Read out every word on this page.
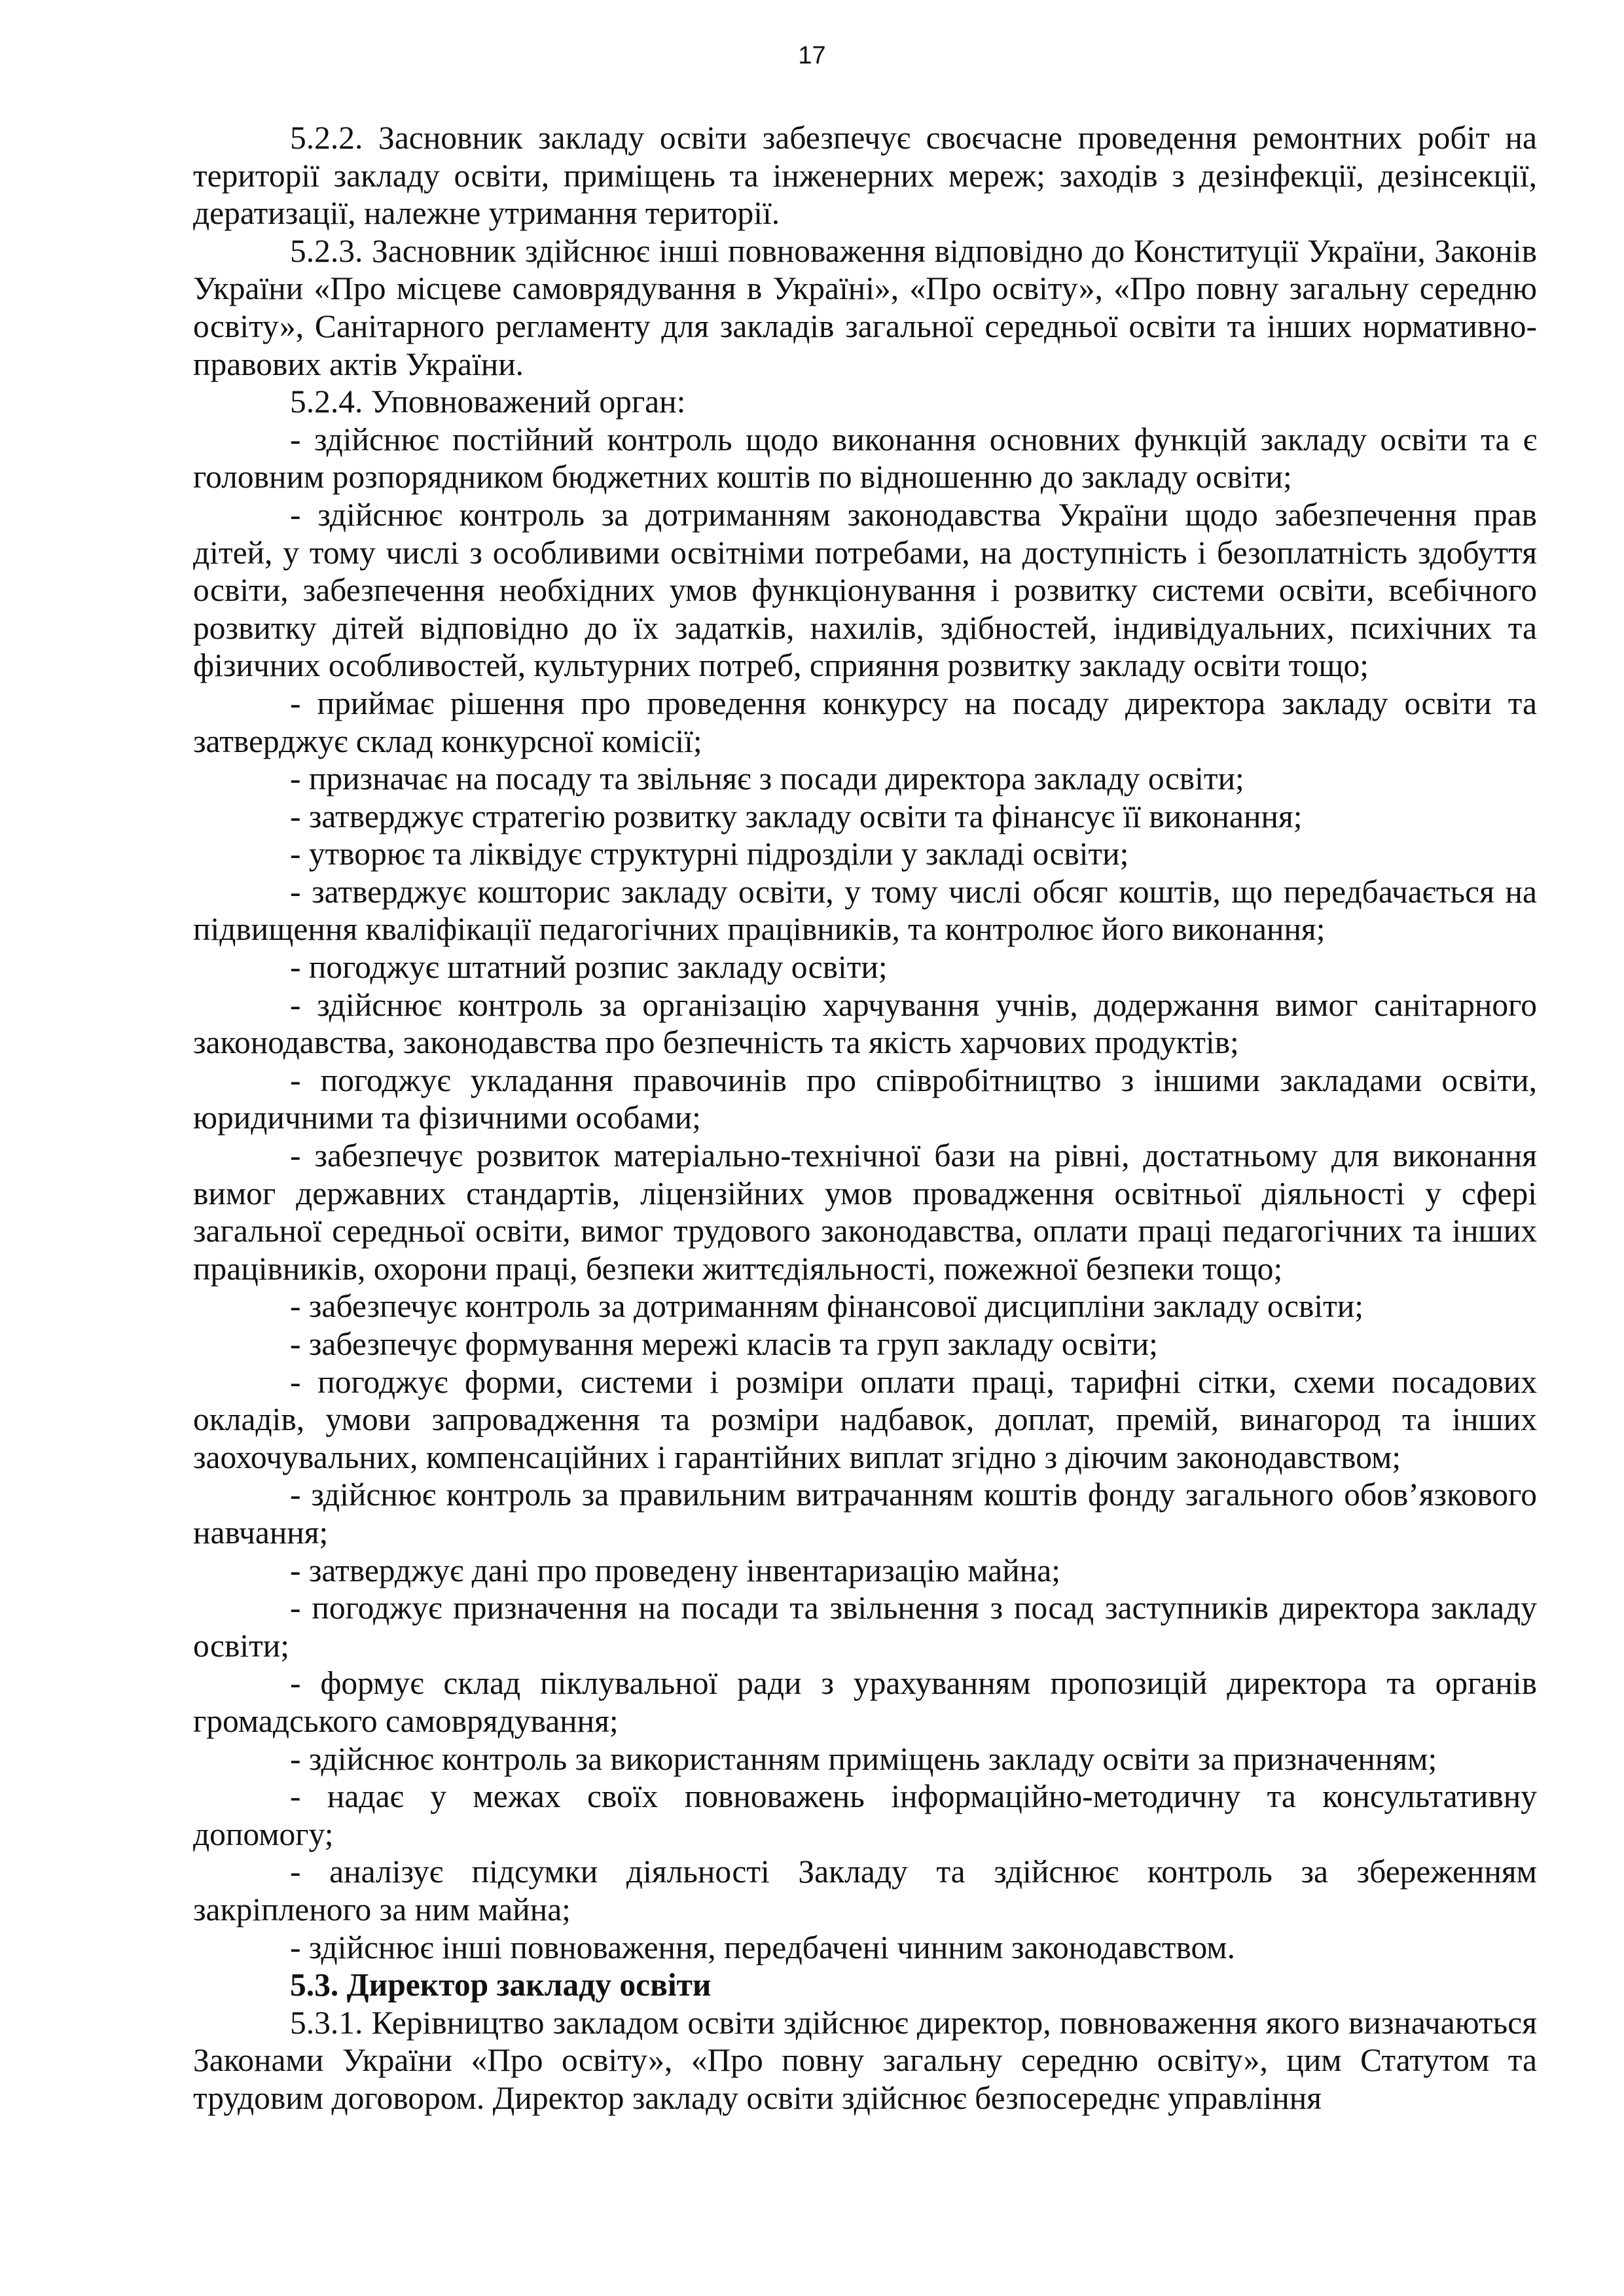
17

5.2.2. Засновник закладу освіти забезпечує своєчасне проведення ремонтних робіт на території закладу освіти, приміщень та інженерних мереж; заходів з дезінфекції, дезінсекції, дератизації, належне утримання території.

5.2.3. Засновник здійснює інші повноваження відповідно до Конституції України, Законів України «Про місцеве самоврядування в Україні», «Про освіту», «Про повну загальну середню освіту», Санітарного регламенту для закладів загальної середньої освіти та інших нормативно-правових актів України.

5.2.4. Уповноважений орган:

- здійснює постійний контроль щодо виконання основних функцій закладу освіти та є головним розпорядником бюджетних коштів по відношенню до закладу освіти;

- здійснює контроль за дотриманням законодавства України щодо забезпечення прав дітей, у тому числі з особливими освітніми потребами, на доступність і безоплатність здобуття освіти, забезпечення необхідних умов функціонування і розвитку системи освіти, всебічного розвитку дітей відповідно до їх задатків, нахилів, здібностей, індивідуальних, психічних та фізичних особливостей, культурних потреб, сприяння розвитку закладу освіти тощо;

- приймає рішення про проведення конкурсу на посаду директора закладу освіти та затверджує склад конкурсної комісії;

- призначає на посаду та звільняє з посади директора закладу освіти;

- затверджує стратегію розвитку закладу освіти та фінансує її виконання;

- утворює та ліквідує структурні підрозділи у закладі освіти;

- затверджує кошторис закладу освіти, у тому числі обсяг коштів, що передбачається на підвищення кваліфікації педагогічних працівників, та контролює його виконання;

- погоджує штатний розпис закладу освіти;

- здійснює контроль за організацію харчування учнів, додержання вимог санітарного законодавства, законодавства про безпечність та якість харчових продуктів;

- погоджує укладання правочинів про співробітництво з іншими закладами освіти, юридичними та фізичними особами;

- забезпечує розвиток матеріально-технічної бази на рівні, достатньому для виконання вимог державних стандартів, ліцензійних умов провадження освітньої діяльності у сфері загальної середньої освіти, вимог трудового законодавства, оплати праці педагогічних та інших працівників, охорони праці, безпеки життєдіяльності, пожежної безпеки тощо;

- забезпечує контроль за дотриманням фінансової дисципліни закладу освіти;

- забезпечує формування мережі класів та груп закладу освіти;

- погоджує форми, системи і розміри оплати праці, тарифні сітки, схеми посадових окладів, умови запровадження та розміри надбавок, доплат, премій, винагород та інших заохочувальних, компенсаційних і гарантійних виплат згідно з діючим законодавством;

- здійснює контроль за правильним витрачанням коштів фонду загального обов’язкового навчання;

- затверджує дані про проведену інвентаризацію майна;

- погоджує призначення на посади та звільнення з посад заступників директора закладу освіти;

- формує склад піклувальної ради з урахуванням пропозицій директора та органів громадського самоврядування;

- здійснює контроль за використанням приміщень закладу освіти за призначенням;

- надає у межах своїх повноважень інформаційно-методичну та консультативну допомогу;

- аналізує підсумки діяльності Закладу та здійснює контроль за збереженням закріпленого за ним майна;

- здійснює інші повноваження, передбачені чинним законодавством.

5.3. Директор закладу освіти

5.3.1. Керівництво закладом освіти здійснює директор, повноваження якого визначаються Законами України «Про освіту», «Про повну загальну середню освіту», цим Статутом та трудовим договором. Директор закладу освіти здійснює безпосереднє управління
